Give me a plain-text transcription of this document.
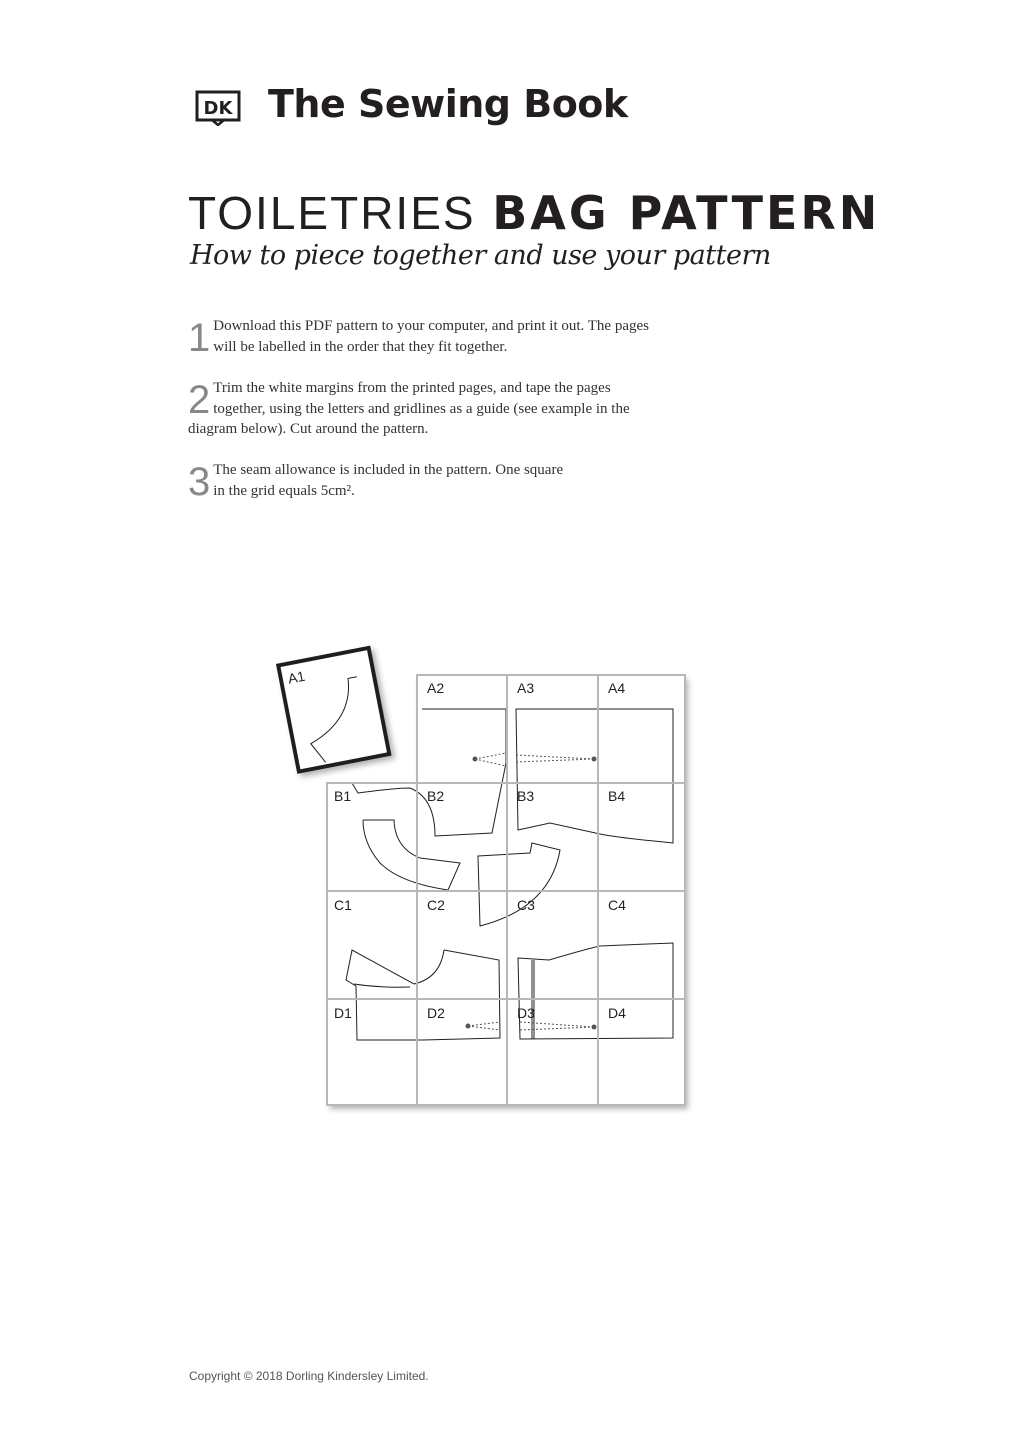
DK The Sewing Book
TOILETRIES BAG PATTERN
How to piece together and use your pattern
1 Download this PDF pattern to your computer, and print it out. The pages will be labelled in the order that they fit together.
2 Trim the white margins from the printed pages, and tape the pages together, using the letters and gridlines as a guide (see example in the diagram below). Cut around the pattern.
3 The seam allowance is included in the pattern. One square in the grid equals 5cm².
A1
A2	A3	A4
B1	B2	B3	B4
C1	C2	C3	C4
D1	D2	D3	D4
Copyright © 2018 Dorling Kindersley Limited.
